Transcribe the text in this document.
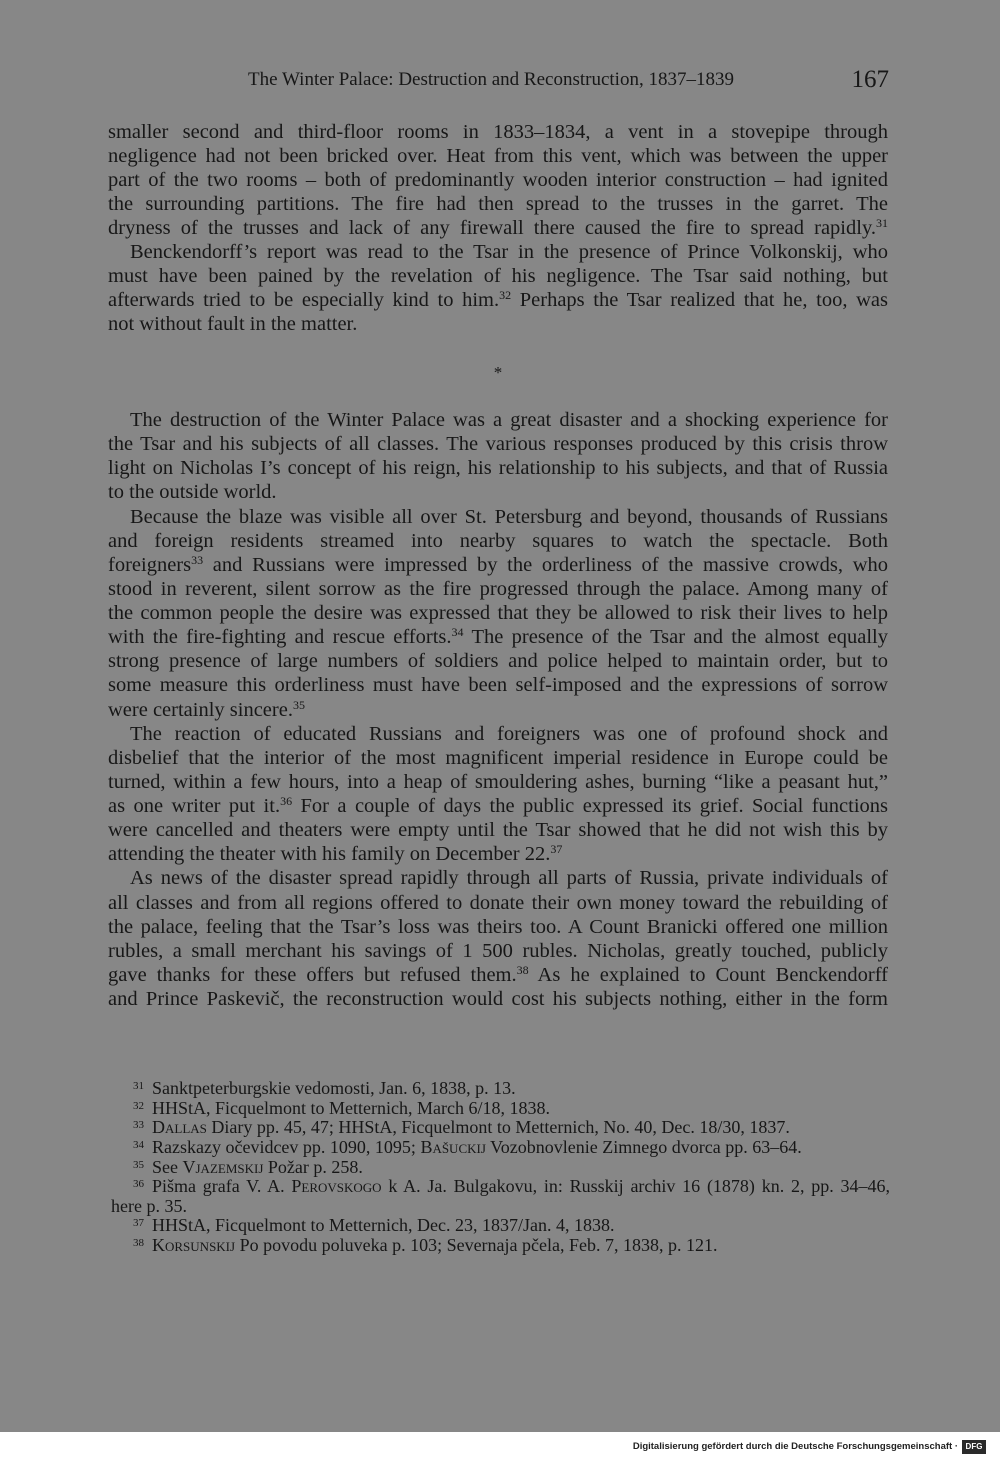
The Winter Palace: Destruction and Reconstruction, 1837–1839	167
smaller second and third-floor rooms in 1833–1834, a vent in a stovepipe through
negligence had not been bricked over. Heat from this vent, which was between the upper
part of the two rooms – both of predominantly wooden interior construction – had ignited
the surrounding partitions. The fire had then spread to the trusses in the garret. The
dryness of the trusses and lack of any firewall there caused the fire to spread rapidly.$^{31}$
Benckendorff’s report was read to the Tsar in the presence of Prince Volkonskij, who
must have been pained by the revelation of his negligence. The Tsar said nothing, but
afterwards tried to be especially kind to him.$^{32}$ Perhaps the Tsar realized that he, too, was
not without fault in the matter.
*
The destruction of the Winter Palace was a great disaster and a shocking experience for
the Tsar and his subjects of all classes. The various responses produced by this crisis throw
light on Nicholas I’s concept of his reign, his relationship to his subjects, and that of Russia
to the outside world.
Because the blaze was visible all over St. Petersburg and beyond, thousands of Russians
and foreign residents streamed into nearby squares to watch the spectacle. Both
foreigners$^{33}$ and Russians were impressed by the orderliness of the massive crowds, who
stood in reverent, silent sorrow as the fire progressed through the palace. Among many of
the common people the desire was expressed that they be allowed to risk their lives to help
with the fire-fighting and rescue efforts.$^{34}$ The presence of the Tsar and the almost equally
strong presence of large numbers of soldiers and police helped to maintain order, but to
some measure this orderliness must have been self-imposed and the expressions of sorrow
were certainly sincere.$^{35}$
The reaction of educated Russians and foreigners was one of profound shock and
disbelief that the interior of the most magnificent imperial residence in Europe could be
turned, within a few hours, into a heap of smouldering ashes, burning “like a peasant hut,”
as one writer put it.$^{36}$ For a couple of days the public expressed its grief. Social functions
were cancelled and theaters were empty until the Tsar showed that he did not wish this by
attending the theater with his family on December 22.37
As news of the disaster spread rapidly through all parts of Russia, private individuals of
all classes and from all regions offered to donate their own money toward the rebuilding of
the palace, feeling that the Tsar’s loss was theirs too. A Count Branicki offered one million
rubles, a small merchant his savings of 1 500 rubles. Nicholas, greatly touched, publicly
gave thanks for these offers but refused them.$^{38}$ As he explained to Count Benckendorff
and Prince Paskevič, the reconstruction would cost his subjects nothing, either in the form
31 Sanktpeterburgskie vedomosti, Jan. 6, 1838, p. 13.
32 HHStA, Ficquelmont to Metternich, March 6/18, 1838.
33 Dallas Diary pp. 45, 47; HHStA, Ficquelmont to Metternich, No. 40, Dec. 18/30, 1837.
34 Razskazy očevidcev pp. 1090, 1095; Bašuckij Vozobnovlenie Zimnego dvorca pp. 63–64.
35 See Vjazemskij Požar p. 258.
36 Pišma grafa V. A. Perovskogo k A. Ja. Bulgakovu, in: Russkij archiv 16 (1878) kn. 2, pp. 34–46,
here p. 35.
37 HHStA, Ficquelmont to Metternich, Dec. 23, 1837/Jan. 4, 1838.
38 Korsunskij Po povodu poluveka p. 103; Severnaja pčela, Feb. 7, 1838, p. 121.
Digitalisierung gefördert durch die Deutsche Forschungsgemeinschaft · DFG
